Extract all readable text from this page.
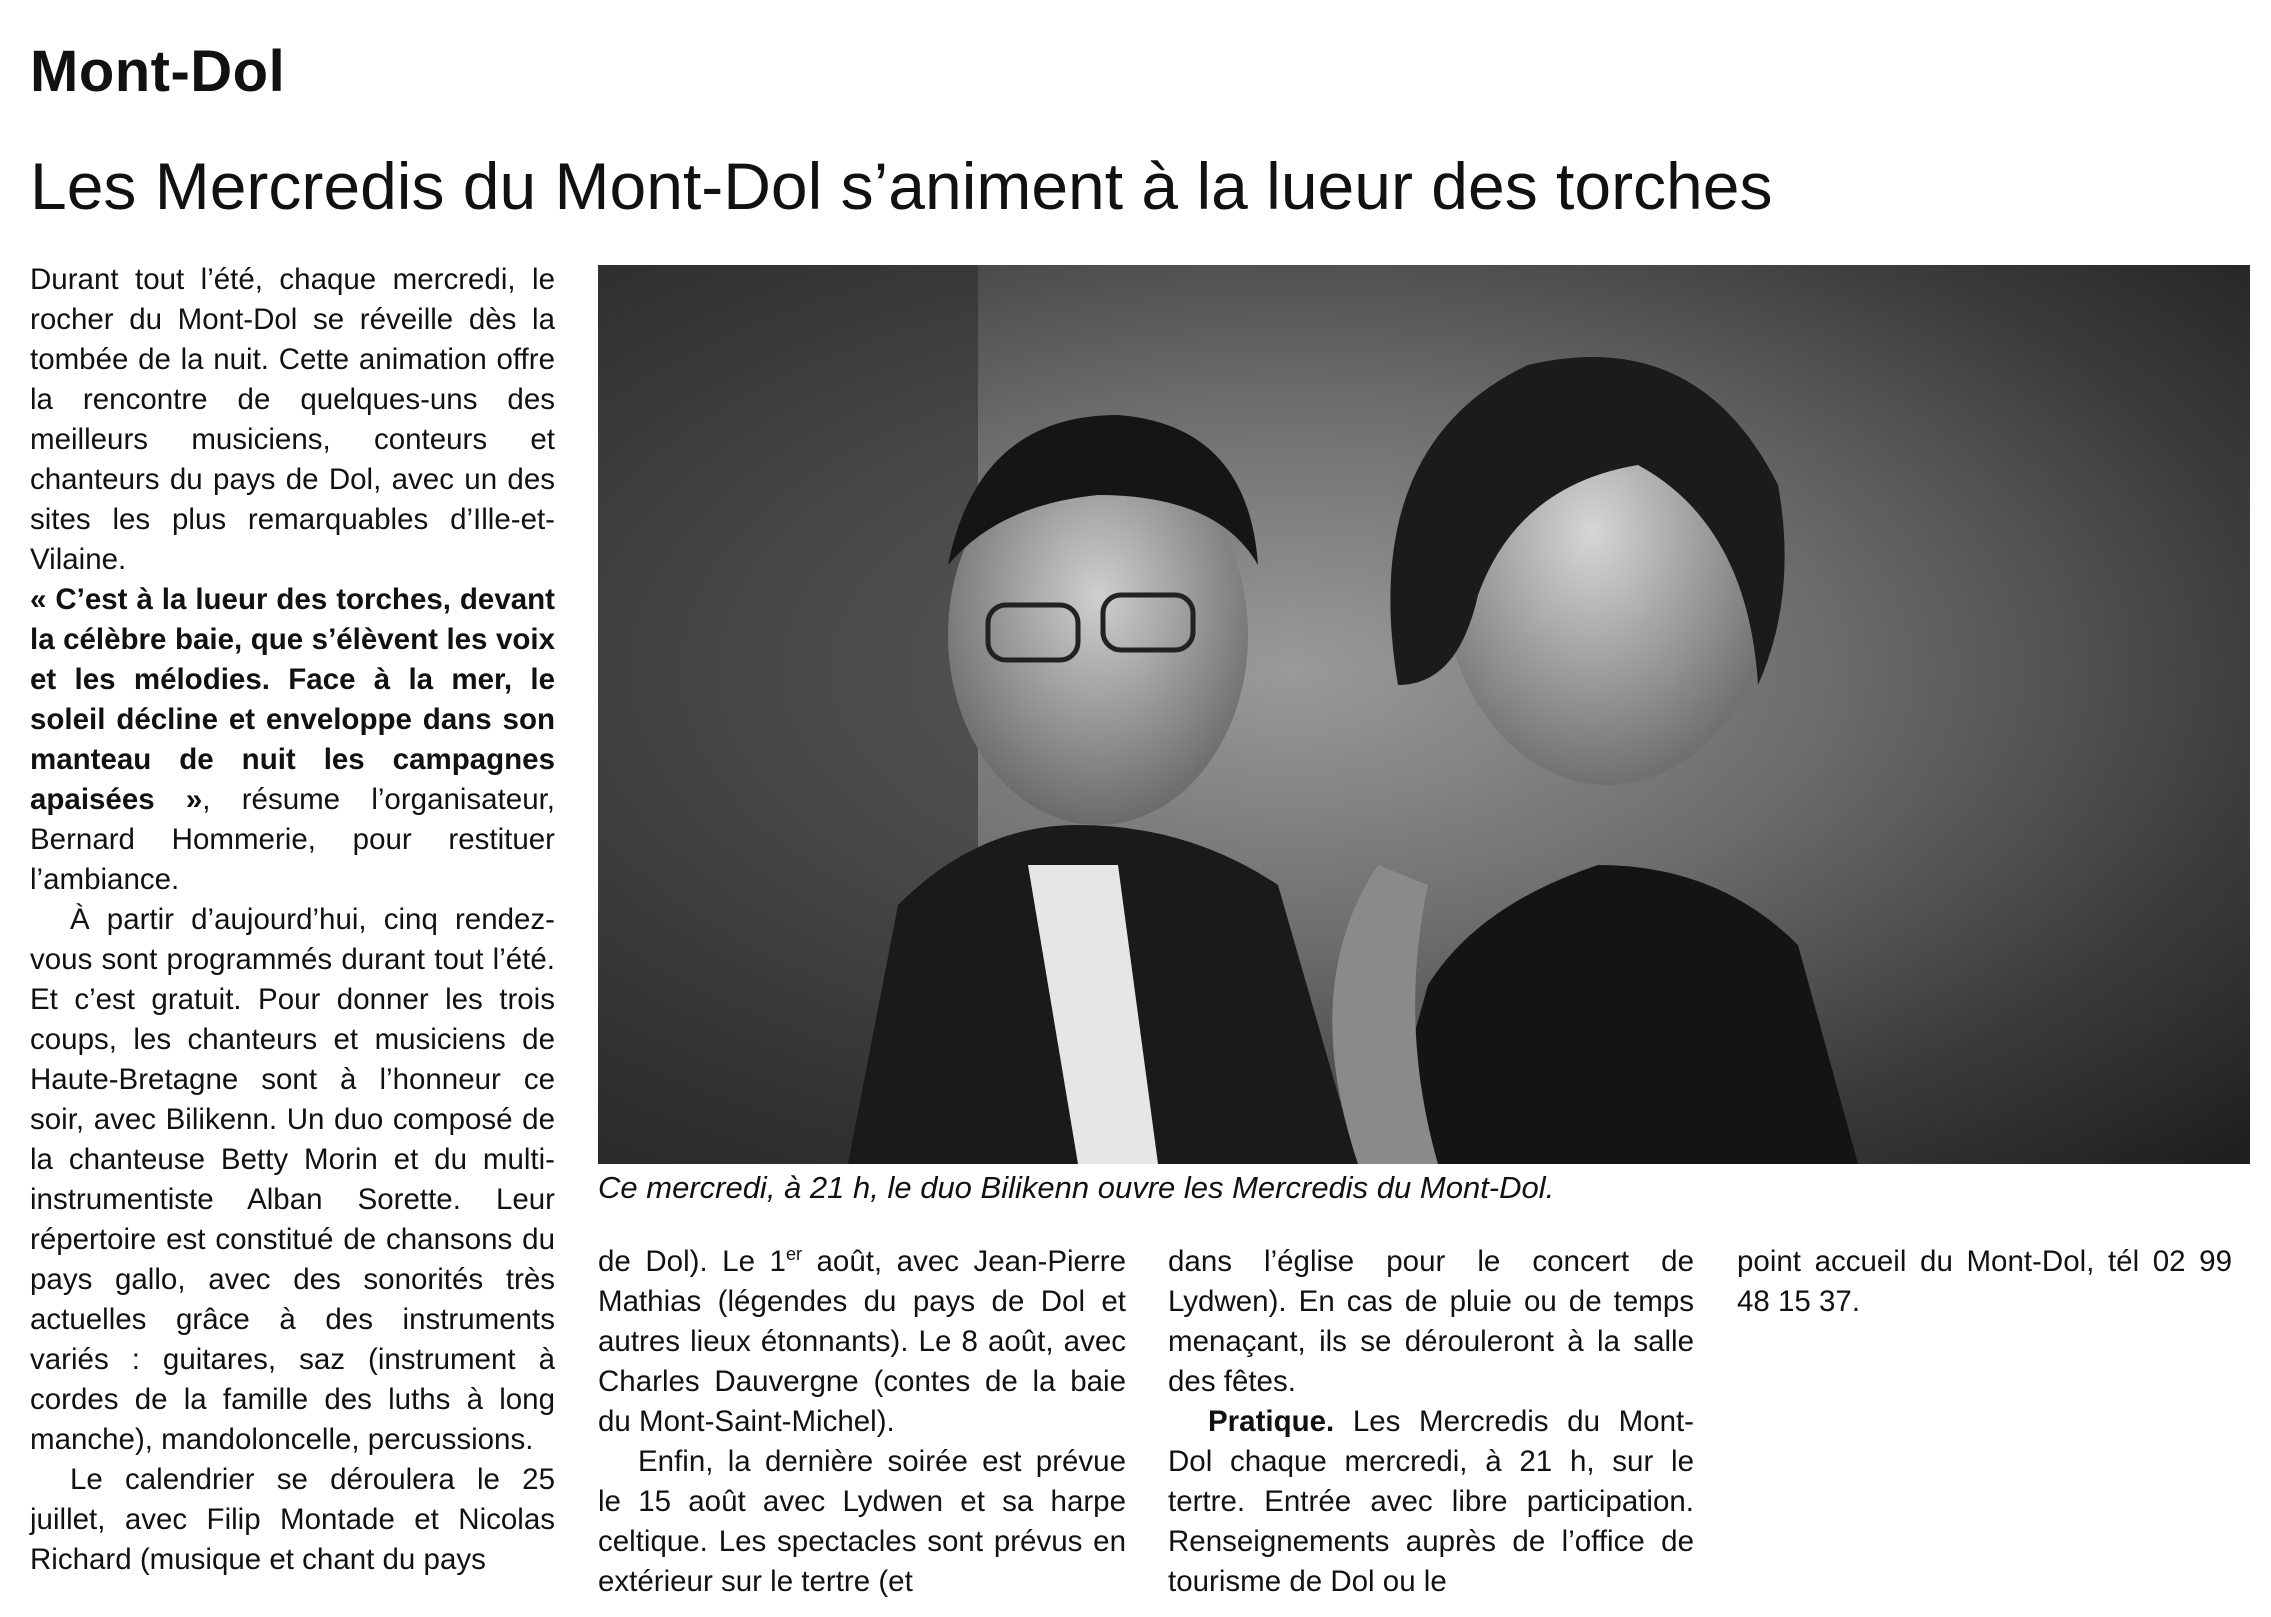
Mont-Dol
Les Mercredis du Mont-Dol s’animent à la lueur des torches

Durant tout l’été, chaque mercredi, le rocher du Mont-Dol se réveille dès la tombée de la nuit. Cette animation offre la rencontre de quelques-uns des meilleurs musiciens, conteurs et chanteurs du pays de Dol, avec un des sites les plus remarquables d’Ille-et-Vilaine.
« C’est à la lueur des torches, devant la célèbre baie, que s’élèvent les voix et les mélodies. Face à la mer, le soleil décline et enveloppe dans son manteau de nuit les campagnes apaisées », résume l’organisateur, Bernard Hommerie, pour restituer l’ambiance.

À partir d’aujourd’hui, cinq rendez-vous sont programmés durant tout l’été. Et c’est gratuit. Pour donner les trois coups, les chanteurs et musiciens de Haute-Bretagne sont à l’honneur ce soir, avec Bilikenn. Un duo composé de la chanteuse Betty Morin et du multi-instrumentiste Alban Sorette. Leur répertoire est constitué de chansons du pays gallo, avec des sonorités très actuelles grâce à des instruments variés : guitares, saz (instrument à cordes de la famille des luths à long manche), mandoloncelle, percussions.

Le calendrier se déroulera le 25 juillet, avec Filip Montade et Nicolas Richard (musique et chant du pays

Ce mercredi, à 21 h, le duo Bilikenn ouvre les Mercredis du Mont-Dol.

de Dol). Le 1er août, avec Jean-Pierre Mathias (légendes du pays de Dol et autres lieux étonnants). Le 8 août, avec Charles Dauvergne (contes de la baie du Mont-Saint-Michel).

Enfin, la dernière soirée est prévue le 15 août avec Lydwen et sa harpe celtique. Les spectacles sont prévus en extérieur sur le tertre (et

dans l’église pour le concert de Lydwen). En cas de pluie ou de temps menaçant, ils se dérouleront à la salle des fêtes.

Pratique. Les Mercredis du Mont-Dol chaque mercredi, à 21 h, sur le tertre. Entrée avec libre participation. Renseignements auprès de l’office de tourisme de Dol ou le

point accueil du Mont-Dol, tél 02 99 48 15 37.
